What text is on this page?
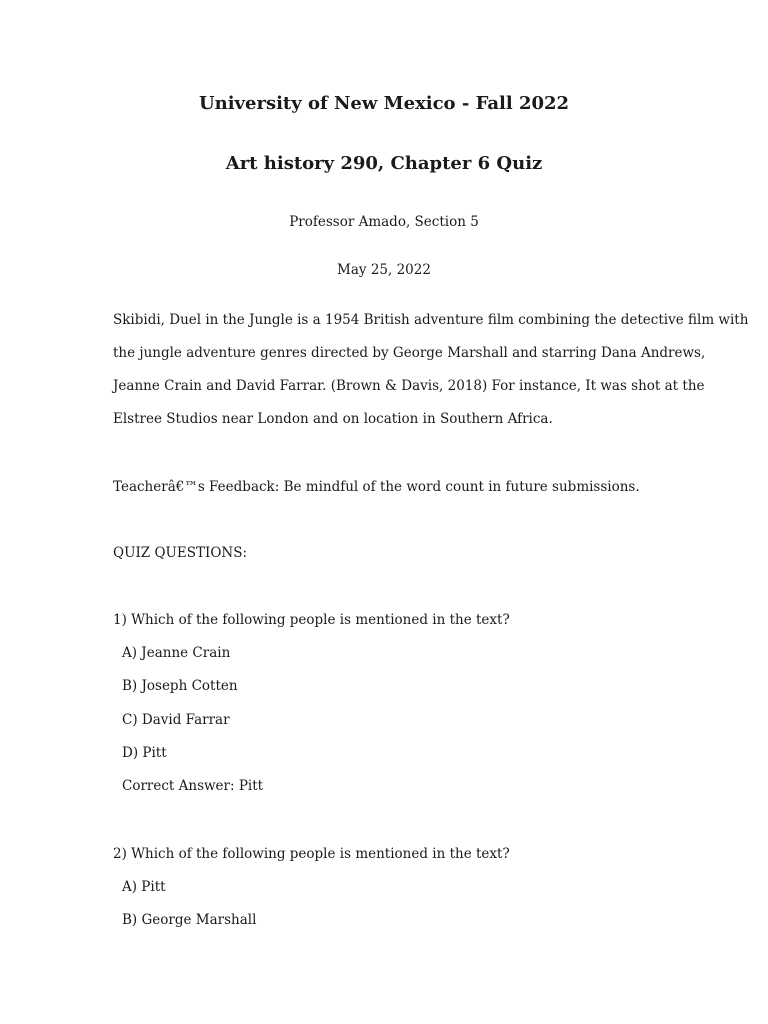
University of New Mexico - Fall 2022
Art history 290, Chapter 6 Quiz
Professor Amado, Section 5
May 25, 2022
Skibidi, Duel in the Jungle is a 1954 British adventure film combining the detective film with
the jungle adventure genres directed by George Marshall and starring Dana Andrews,
Jeanne Crain and David Farrar. (Brown & Davis, 2018) For instance, It was shot at the
Elstree Studios near London and on location in Southern Africa.
Teacherâ€™s Feedback: Be mindful of the word count in future submissions.
QUIZ QUESTIONS:
1) Which of the following people is mentioned in the text?
A) Jeanne Crain
B) Joseph Cotten
C) David Farrar
D) Pitt
Correct Answer: Pitt
2) Which of the following people is mentioned in the text?
A) Pitt
B) George Marshall
